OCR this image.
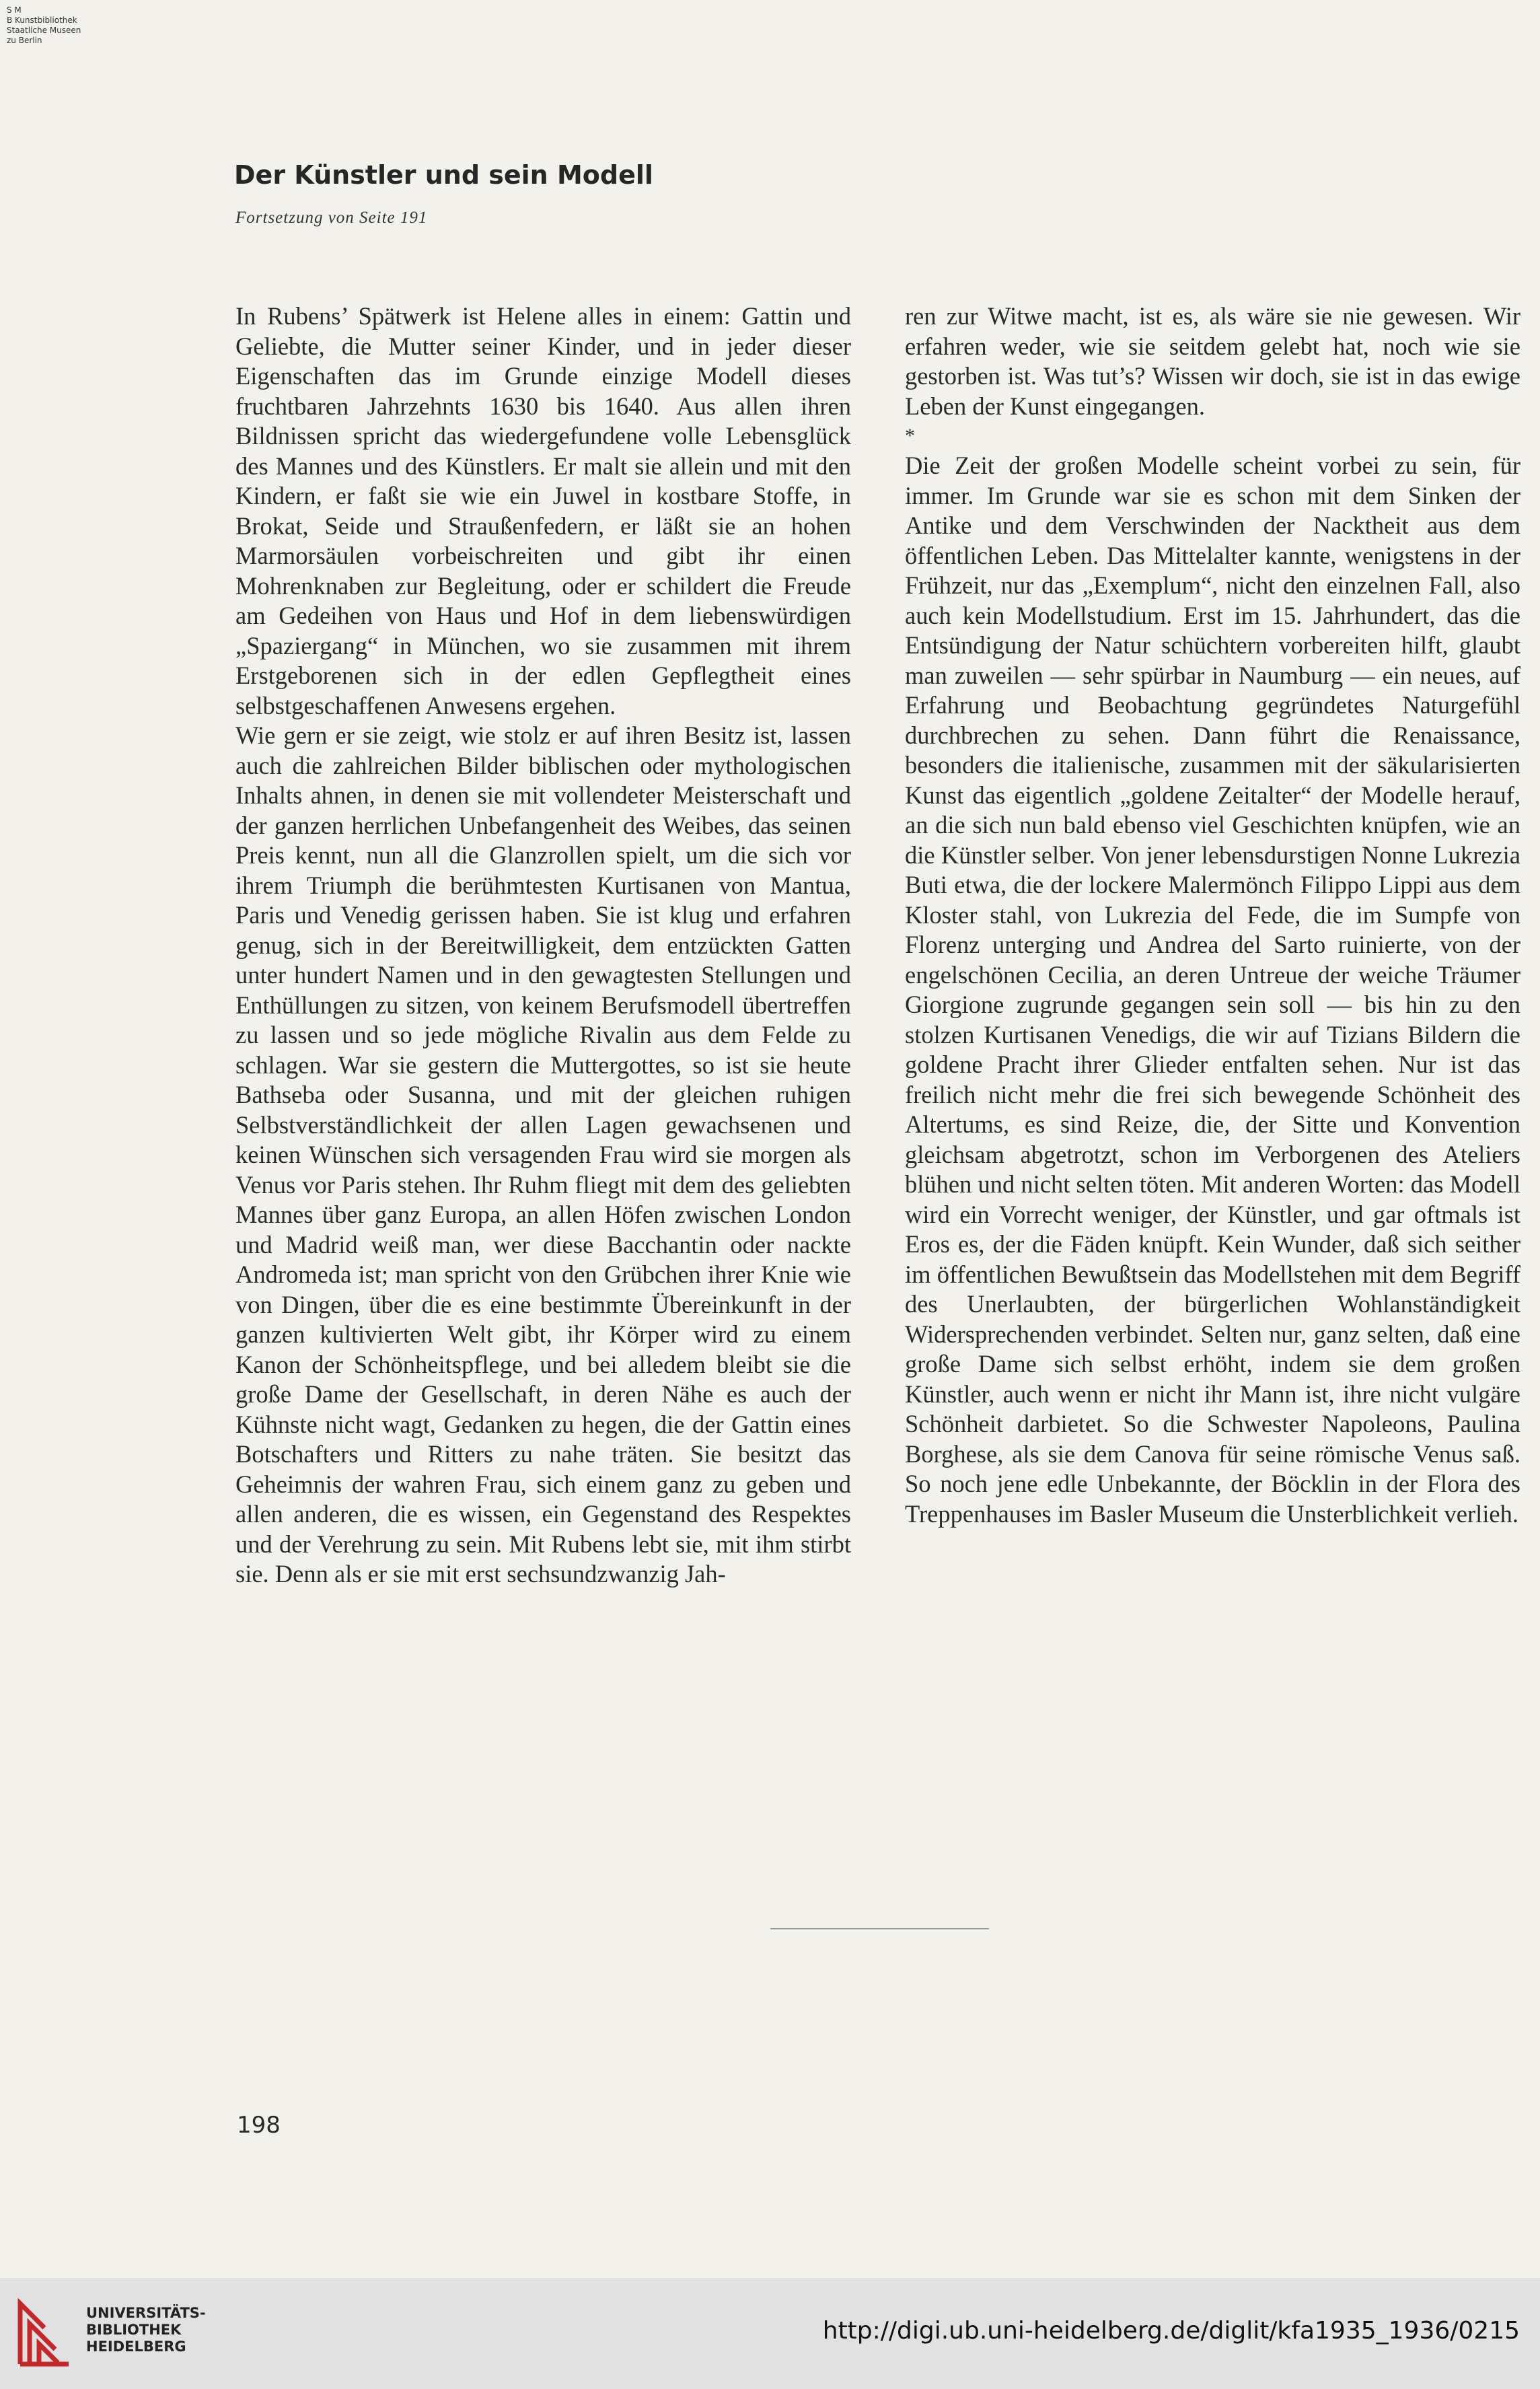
S M
B Kunstbibliothek
Staatliche Museen
zu Berlin
Der Künstler und sein Modell
Fortsetzung von Seite 191

In Rubens’ Spätwerk ist Helene alles in einem: Gattin und Geliebte, die Mutter seiner Kinder, und in jeder dieser Eigenschaften das im Grunde einzige Modell dieses fruchtbaren Jahrzehnts 1630 bis 1640. Aus allen ihren Bildnissen spricht das wiedergefundene volle Lebensglück des Mannes und des Künstlers. Er malt sie allein und mit den Kindern, er faßt sie wie ein Juwel in kostbare Stoffe, in Brokat, Seide und Straußenfedern, er läßt sie an hohen Marmorsäulen vorbeischreiten und gibt ihr einen Mohrenknaben zur Begleitung, oder er schildert die Freude am Gedeihen von Haus und Hof in dem liebenswürdigen „Spaziergang“ in München, wo sie zusammen mit ihrem Erstgeborenen sich in der edlen Gepflegtheit eines selbstgeschaffenen Anwesens ergehen.

Wie gern er sie zeigt, wie stolz er auf ihren Besitz ist, lassen auch die zahlreichen Bilder biblischen oder mythologischen Inhalts ahnen, in denen sie mit vollendeter Meisterschaft und der ganzen herrlichen Unbefangenheit des Weibes, das seinen Preis kennt, nun all die Glanzrollen spielt, um die sich vor ihrem Triumph die berühmtesten Kurtisanen von Mantua, Paris und Venedig gerissen haben. Sie ist klug und erfahren genug, sich in der Bereitwilligkeit, dem entzückten Gatten unter hundert Namen und in den gewagtesten Stellungen und Enthüllungen zu sitzen, von keinem Berufsmodell übertreffen zu lassen und so jede mögliche Rivalin aus dem Felde zu schlagen. War sie gestern die Muttergottes, so ist sie heute Bathseba oder Susanna, und mit der gleichen ruhigen Selbstverständlichkeit der allen Lagen gewachsenen und keinen Wünschen sich versagenden Frau wird sie morgen als Venus vor Paris stehen. Ihr Ruhm fliegt mit dem des geliebten Mannes über ganz Europa, an allen Höfen zwischen London und Madrid weiß man, wer diese Bacchantin oder nackte Andromeda ist; man spricht von den Grübchen ihrer Knie wie von Dingen, über die es eine bestimmte Übereinkunft in der ganzen kultivierten Welt gibt, ihr Körper wird zu einem Kanon der Schönheitspflege, und bei alledem bleibt sie die große Dame der Gesellschaft, in deren Nähe es auch der Kühnste nicht wagt, Gedanken zu hegen, die der Gattin eines Botschafters und Ritters zu nahe träten. Sie besitzt das Geheimnis der wahren Frau, sich einem ganz zu geben und allen anderen, die es wissen, ein Gegenstand des Respektes und der Verehrung zu sein. Mit Rubens lebt sie, mit ihm stirbt sie. Denn als er sie mit erst sechsundzwanzig Jah-

ren zur Witwe macht, ist es, als wäre sie nie gewesen. Wir erfahren weder, wie sie seitdem gelebt hat, noch wie sie gestorben ist. Was tut’s? Wissen wir doch, sie ist in das ewige Leben der Kunst eingegangen.

*

Die Zeit der großen Modelle scheint vorbei zu sein, für immer. Im Grunde war sie es schon mit dem Sinken der Antike und dem Verschwinden der Nacktheit aus dem öffentlichen Leben. Das Mittelalter kannte, wenigstens in der Frühzeit, nur das „Exemplum“, nicht den einzelnen Fall, also auch kein Modellstudium. Erst im 15. Jahrhundert, das die Entsündigung der Natur schüchtern vorbereiten hilft, glaubt man zuweilen — sehr spürbar in Naumburg — ein neues, auf Erfahrung und Beobachtung gegründetes Naturgefühl durchbrechen zu sehen. Dann führt die Renaissance, besonders die italienische, zusammen mit der säkularisierten Kunst das eigentlich „goldene Zeitalter“ der Modelle herauf, an die sich nun bald ebenso viel Geschichten knüpfen, wie an die Künstler selber. Von jener lebensdurstigen Nonne Lukrezia Buti etwa, die der lockere Malermönch Filippo Lippi aus dem Kloster stahl, von Lukrezia del Fede, die im Sumpfe von Florenz unterging und Andrea del Sarto ruinierte, von der engelschönen Cecilia, an deren Untreue der weiche Träumer Giorgione zugrunde gegangen sein soll — bis hin zu den stolzen Kurtisanen Venedigs, die wir auf Tizians Bildern die goldene Pracht ihrer Glieder entfalten sehen. Nur ist das freilich nicht mehr die frei sich bewegende Schönheit des Altertums, es sind Reize, die, der Sitte und Konvention gleichsam abgetrotzt, schon im Verborgenen des Ateliers blühen und nicht selten töten. Mit anderen Worten: das Modell wird ein Vorrecht weniger, der Künstler, und gar oftmals ist Eros es, der die Fäden knüpft. Kein Wunder, daß sich seither im öffentlichen Bewußtsein das Modellstehen mit dem Begriff des Unerlaubten, der bürgerlichen Wohlanständigkeit Widersprechenden verbindet. Selten nur, ganz selten, daß eine große Dame sich selbst erhöht, indem sie dem großen Künstler, auch wenn er nicht ihr Mann ist, ihre nicht vulgäre Schönheit darbietet. So die Schwester Napoleons, Paulina Borghese, als sie dem Canova für seine römische Venus saß. So noch jene edle Unbekannte, der Böcklin in der Flora des Treppenhauses im Basler Museum die Unsterblichkeit verlieh.

198
UNIVERSITÄTS-
BIBLIOTHEK
HEIDELBERG
http://digi.ub.uni-heidelberg.de/diglit/kfa1935_1936/0215
